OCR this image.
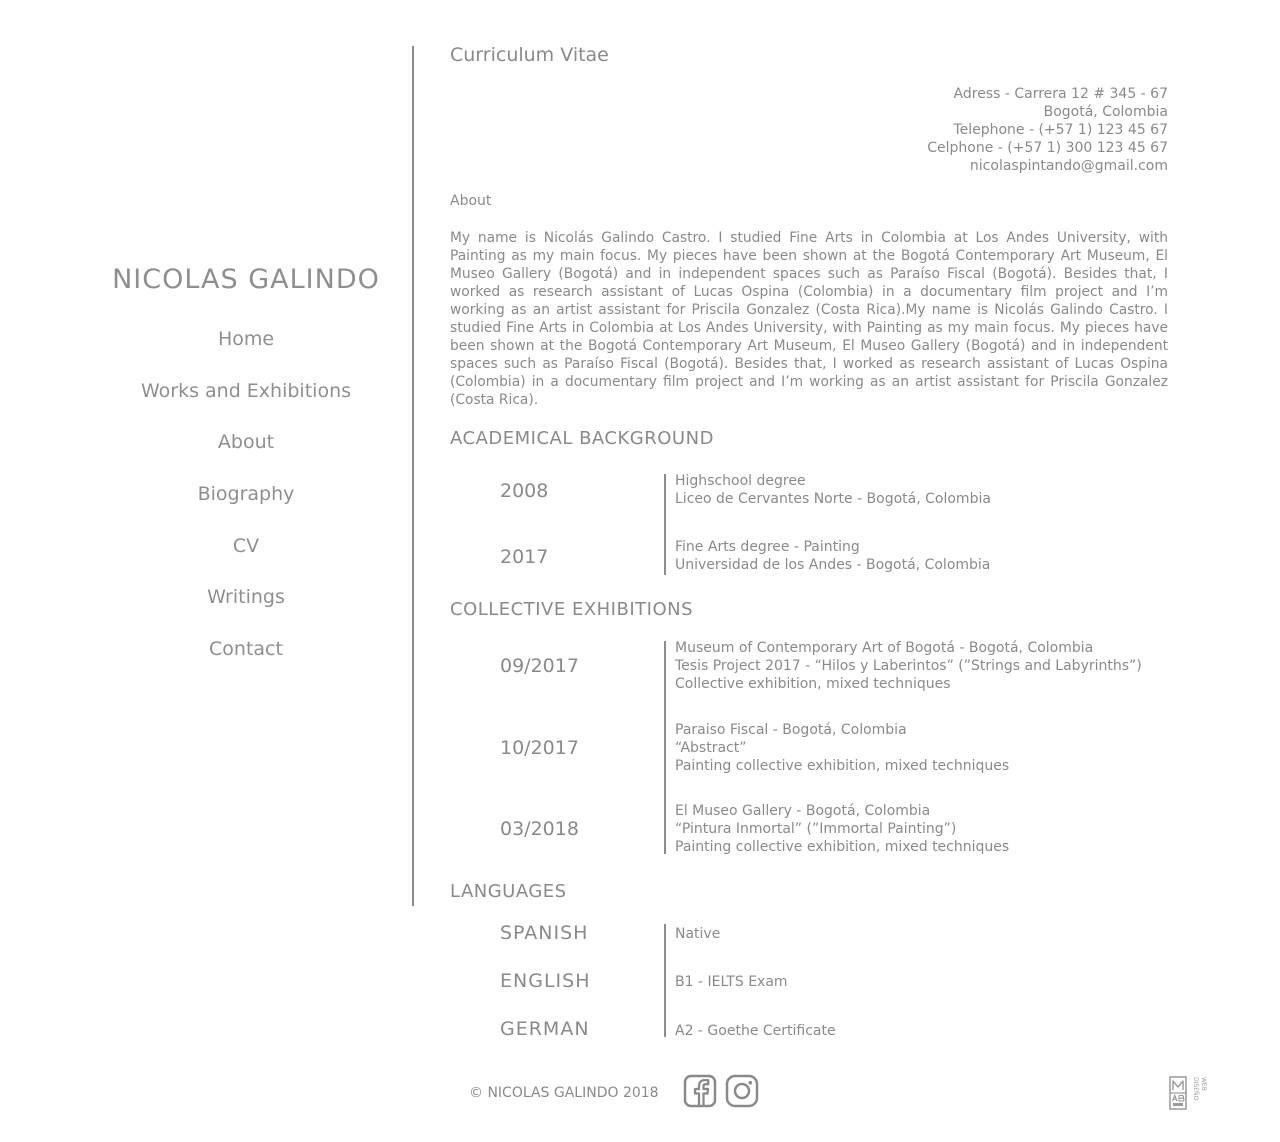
NICOLAS GALINDO
Home
Works and Exhibitions
About
Biography
CV
Writings
Contact
Curriculum Vitae
Adress - Carrera 12 # 345 - 67
Bogotá, Colombia
Telephone - (+57 1) 123 45 67
Celphone - (+57 1) 300 123 45 67
nicolaspintando@gmail.com
About

My name is Nicolás Galindo Castro. I studied Fine Arts in Colombia at Los Andes University, with Painting as my main focus. My pieces have been shown at the Bogotá Contemporary Art Museum, El Museo Gallery (Bogotá) and in independent spaces such as Paraíso Fiscal (Bogotá). Besides that, I worked as research assistant of Lucas Ospina (Colombia) in a documentary film project and I’m working as an artist assistant for Priscila Gonzalez (Costa Rica).My name is Nicolás Galindo Castro. I studied Fine Arts in Colombia at Los Andes University, with Painting as my main focus. My pieces have been shown at the Bogotá Contemporary Art Museum, El Museo Gallery (Bogotá) and in independent spaces such as Paraíso Fiscal (Bogotá). Besides that, I worked as research assistant of Lucas Ospina (Colombia) in a documentary film project and I’m working as an artist assistant for Priscila Gonzalez (Costa Rica).

ACADEMICAL BACKGROUND
2008	Highschool degree
Liceo de Cervantes Norte - Bogotá, Colombia
2017	Fine Arts degree - Painting
Universidad de los Andes - Bogotá, Colombia
COLLECTIVE EXHIBITIONS
09/2017
Museum of Contemporary Art of Bogotá - Bogotá, Colombia
Tesis Project 2017 - “Hilos y Laberintos” (”Strings and Labyrinths”)
Collective exhibition, mixed techniques
10/2017
Paraiso Fiscal - Bogotá, Colombia
“Abstract”
Painting collective exhibition, mixed techniques
03/2018
El Museo Gallery - Bogotá, Colombia
“Pintura Inmortal” (”Immortal Painting”)
Painting collective exhibition, mixed techniques
LANGUAGES
SPANISH	Native
ENGLISH	B1 - IELTS Exam
GERMAN	A2 - Goethe Certificate
© NICOLAS GALINDO 2018	DISEÑO WEB
